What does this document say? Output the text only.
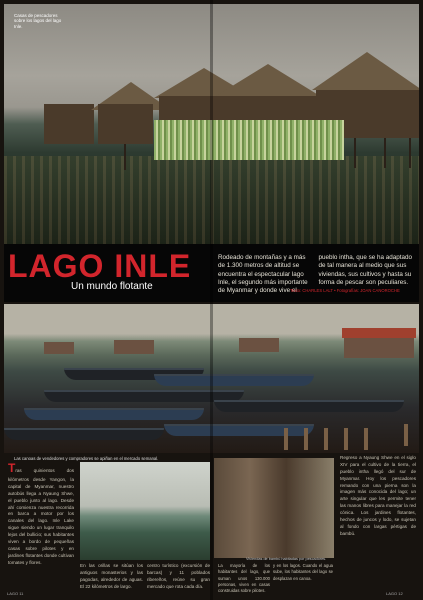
Casas de pescadores sobre los lagos del lago Inle.
LAGO INLE
Un mundo flotante

Rodeado de montañas y a más de 1.300 metros de altitud se encuentra el espectacular lago Inle, el segundo más importante de Myanmar y donde vive el pueblo intha, que se ha adaptado de tal manera al medio que sus viviendas, sus cultivos y hasta su forma de pescar son peculiares.

Texto: CHARLES LALT • Fotografías: JOAN CANOROCHE
Las canoas de vendedores y compradores se apiñan en el mercado semanal.

Tras quinientos dos kilómetros desde Yangon, la capital de Myanmar, nuestro autobús llega a Nyaung Shwe, el pueblo junto al lago. Desde ahí comienza nuestra recorrida en barca a motor por los canales del lago. Inle Lake sigue siendo un lugar tranquilo lejos del bullicio; sus habitantes viven a bordo de pequeñas casas sobre pilotes y en jardines flotantes donde cultivan tomates y flores.

En las orillas se sitúan los antiguos monasterios y las pagodas, alrededor de aguas. El 22 kilómetros de largo.

centro turístico (excursión de barcas) y 11 poblados ribereños, reúne su gran mercado que rota cada día.

Viviendas de bambú habitadas por pescadores.

La mayoría de los habitantes del lago, que suman unos 130.000 personas, viven en casas construidas sobre pilotes.

y en los lagos. Cuando el agua sube, los habitantes del lago se desplazan en canoa.

Regreso a Nyaung Shwe en el siglo XIV para el cultivo de la tierra, el pueblo intha llegó del sur de Myanmar. Hoy los pescadores remando con una pierna son la imagen más conocida del lago; un arte singular que les permite tener las manos libres para manejar la red cónica. Los jardines flotantes, hechos de juncos y lodo, se sujetan al fondo con largas pértigas de bambú.

LAGO 11	LAGO 12
